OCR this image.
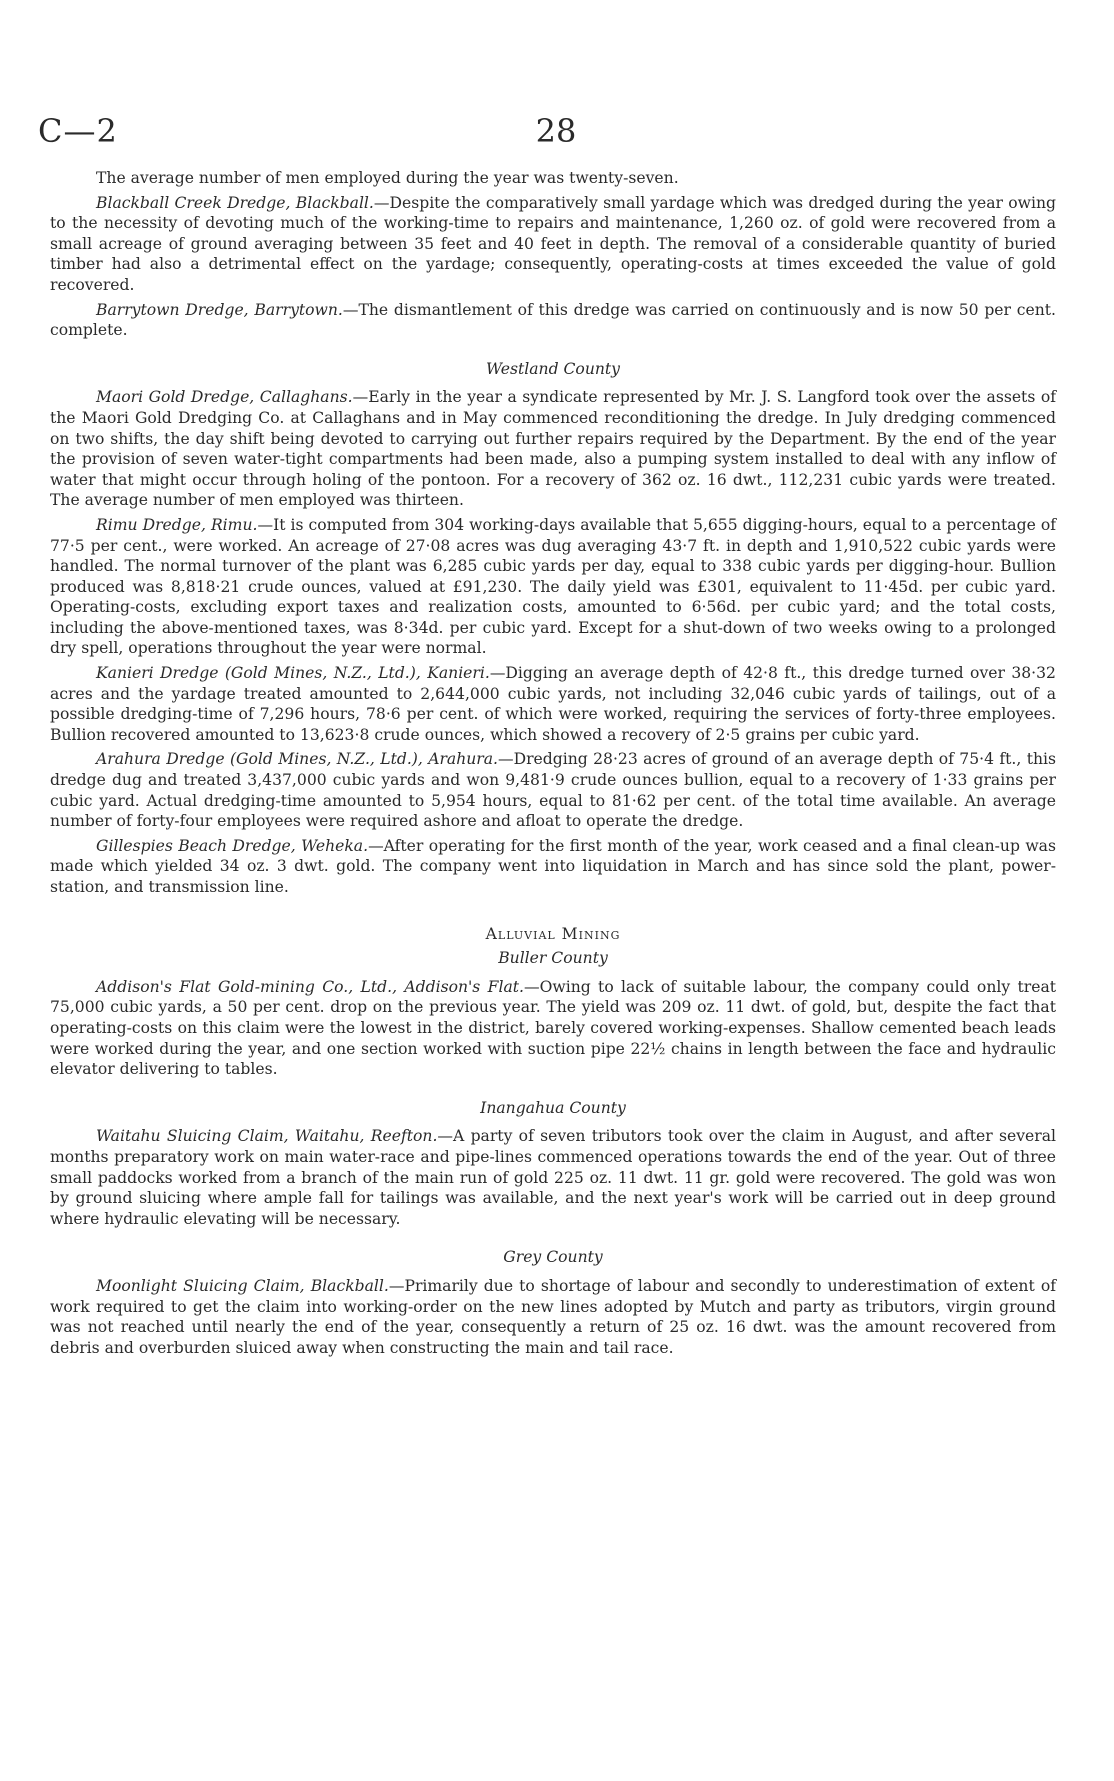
C—2	28

The average number of men employed during the year was twenty-seven.

Blackball Creek Dredge, Blackball.—Despite the comparatively small yardage which was dredged during the year owing to the necessity of devoting much of the working-time to repairs and maintenance, 1,260 oz. of gold were recovered from a small acreage of ground averaging between 35 feet and 40 feet in depth. The removal of a considerable quantity of buried timber had also a detrimental effect on the yardage; consequently, operating-costs at times exceeded the value of gold recovered.

Barrytown Dredge, Barrytown.—The dismantlement of this dredge was carried on continuously and is now 50 per cent. complete.

Westland County

Maori Gold Dredge, Callaghans.—Early in the year a syndicate represented by Mr. J. S. Langford took over the assets of the Maori Gold Dredging Co. at Callaghans and in May commenced reconditioning the dredge. In July dredging commenced on two shifts, the day shift being devoted to carrying out further repairs required by the Department. By the end of the year the provision of seven water-tight compartments had been made, also a pumping system installed to deal with any inflow of water that might occur through holing of the pontoon. For a recovery of 362 oz. 16 dwt., 112,231 cubic yards were treated. The average number of men employed was thirteen.

Rimu Dredge, Rimu.—It is computed from 304 working-days available that 5,655 digging-hours, equal to a percentage of 77·5 per cent., were worked. An acreage of 27·08 acres was dug averaging 43·7 ft. in depth and 1,910,522 cubic yards were handled. The normal turnover of the plant was 6,285 cubic yards per day, equal to 338 cubic yards per digging-hour. Bullion produced was 8,818·21 crude ounces, valued at £91,230. The daily yield was £301, equivalent to 11·45d. per cubic yard. Operating-costs, excluding export taxes and realization costs, amounted to 6·56d. per cubic yard; and the total costs, including the above-mentioned taxes, was 8·34d. per cubic yard. Except for a shut-down of two weeks owing to a prolonged dry spell, operations throughout the year were normal.

Kanieri Dredge (Gold Mines, N.Z., Ltd.), Kanieri.—Digging an average depth of 42·8 ft., this dredge turned over 38·32 acres and the yardage treated amounted to 2,644,000 cubic yards, not including 32,046 cubic yards of tailings, out of a possible dredging-time of 7,296 hours, 78·6 per cent. of which were worked, requiring the services of forty-three employees. Bullion recovered amounted to 13,623·8 crude ounces, which showed a recovery of 2·5 grains per cubic yard.

Arahura Dredge (Gold Mines, N.Z., Ltd.), Arahura.—Dredging 28·23 acres of ground of an average depth of 75·4 ft., this dredge dug and treated 3,437,000 cubic yards and won 9,481·9 crude ounces bullion, equal to a recovery of 1·33 grains per cubic yard. Actual dredging-time amounted to 5,954 hours, equal to 81·62 per cent. of the total time available. An average number of forty-four employees were required ashore and afloat to operate the dredge.

Gillespies Beach Dredge, Weheka.—After operating for the first month of the year, work ceased and a final clean-up was made which yielded 34 oz. 3 dwt. gold. The company went into liquidation in March and has since sold the plant, power-station, and transmission line.

Alluvial Mining
Buller County

Addison's Flat Gold-mining Co., Ltd., Addison's Flat.—Owing to lack of suitable labour, the company could only treat 75,000 cubic yards, a 50 per cent. drop on the previous year. The yield was 209 oz. 11 dwt. of gold, but, despite the fact that operating-costs on this claim were the lowest in the district, barely covered working-expenses. Shallow cemented beach leads were worked during the year, and one section worked with suction pipe 22½ chains in length between the face and hydraulic elevator delivering to tables.

Inangahua County

Waitahu Sluicing Claim, Waitahu, Reefton.—A party of seven tributors took over the claim in August, and after several months preparatory work on main water-race and pipe-lines commenced operations towards the end of the year. Out of three small paddocks worked from a branch of the main run of gold 225 oz. 11 dwt. 11 gr. gold were recovered. The gold was won by ground sluicing where ample fall for tailings was available, and the next year's work will be carried out in deep ground where hydraulic elevating will be necessary.

Grey County

Moonlight Sluicing Claim, Blackball.—Primarily due to shortage of labour and secondly to underestimation of extent of work required to get the claim into working-order on the new lines adopted by Mutch and party as tributors, virgin ground was not reached until nearly the end of the year, consequently a return of 25 oz. 16 dwt. was the amount recovered from debris and overburden sluiced away when constructing the main and tail race.
